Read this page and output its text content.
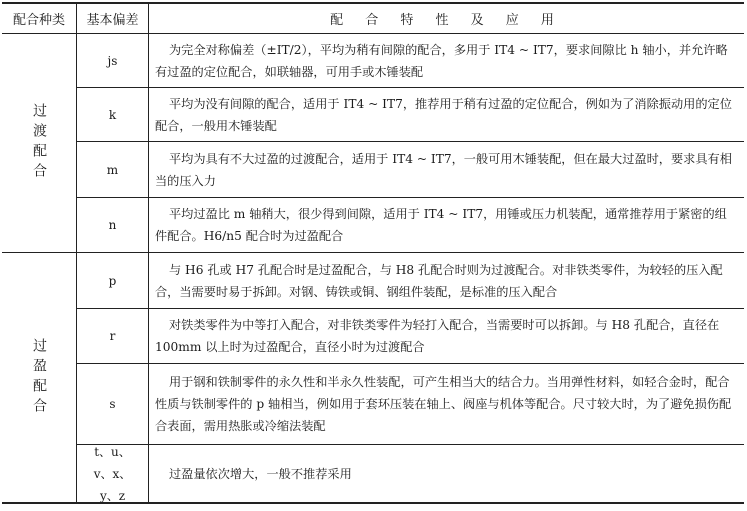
配合种类	基本偏差	配 合 特 性 及 应 用
过渡配合
过盈配合
js
为完全对称偏差（±IT/2），平均为稍有间隙的配合，多用于 IT4 ~ IT7，要求间隙比 h 轴小，并允许略有过盈的定位配合，如联轴器，可用手或木锤装配
k
平均为没有间隙的配合，适用于 IT4 ~ IT7，推荐用于稍有过盈的定位配合，例如为了消除振动用的定位配合，一般用木锤装配
m
平均为具有不大过盈的过渡配合，适用于 IT4 ~ IT7，一般可用木锤装配，但在最大过盈时，要求具有相当的压入力
n
平均过盈比 m 轴稍大，很少得到间隙，适用于 IT4 ~ IT7，用锤或压力机装配，通常推荐用于紧密的组件配合。H6/n5 配合时为过盈配合
p
与 H6 孔或 H7 孔配合时是过盈配合，与 H8 孔配合时则为过渡配合。对非铁类零件，为较轻的压入配合，当需要时易于拆卸。对钢、铸铁或铜、钢组件装配，是标准的压入配合
r
对铁类零件为中等打入配合，对非铁类零件为轻打入配合，当需要时可以拆卸。与 H8 孔配合，直径在 100mm 以上时为过盈配合，直径小时为过渡配合
s
用于钢和铁制零件的永久性和半永久性装配，可产生相当大的结合力。当用弹性材料，如轻合金时，配合性质与铁制零件的 p 轴相当，例如用于套环压装在轴上、阀座与机体等配合。尺寸较大时，为了避免损伤配合表面，需用热胀或冷缩法装配
t、u、v、x、y、z
过盈量依次增大，一般不推荐采用
